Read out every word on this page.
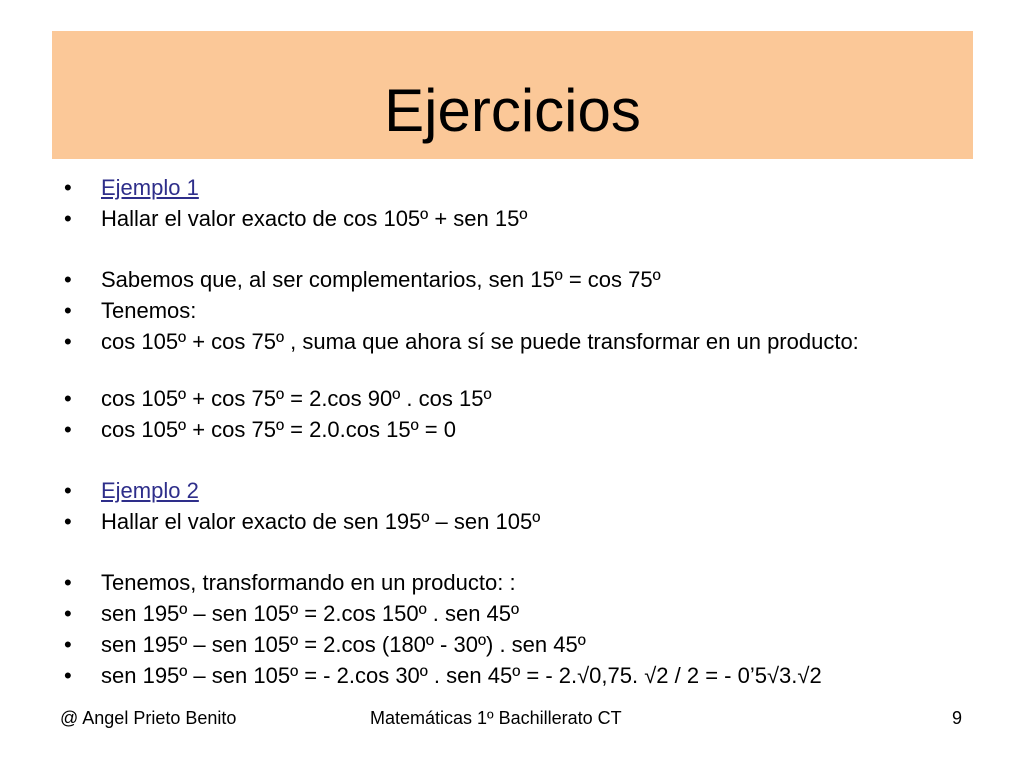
Ejercicios
•	Ejemplo 1
•	Hallar el valor exacto de cos 105º + sen 15º
•	Sabemos que, al ser complementarios, sen 15º = cos 75º
•	Tenemos:
•	cos 105º + cos 75º , suma que ahora sí se puede transformar en un producto:
•	cos 105º + cos 75º = 2.cos 90º . cos 15º
•	cos 105º + cos 75º = 2.0.cos 15º = 0
•	Ejemplo 2
•	Hallar el valor exacto de sen 195º – sen 105º
•	Tenemos, transformando en un producto: :
•	sen 195º – sen 105º = 2.cos 150º . sen 45º
•	sen 195º – sen 105º = 2.cos (180º - 30º) . sen 45º
•	sen 195º – sen 105º = - 2.cos 30º . sen 45º = - 2.√0,75. √2 / 2 = - 0’5√3.√2
@ Angel Prieto Benito	Matemáticas 1º Bachillerato CT	9
